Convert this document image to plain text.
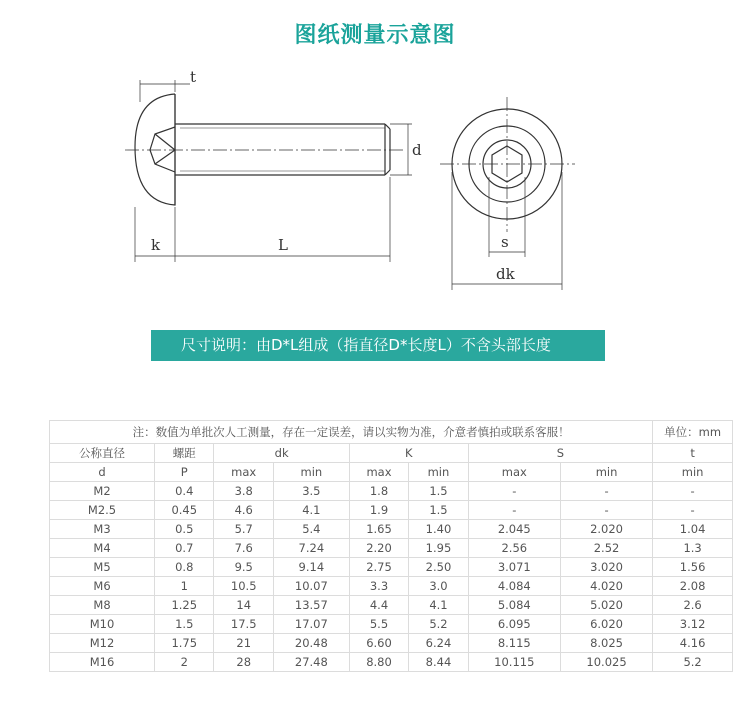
图纸测量示意图
t
d
k	L	s
dk
尺寸说明：由D*L组成（指直径D*长度L）不含头部长度
注：数值为单批次人工测量，存在一定误差，请以实物为准，介意者慎拍或联系客服！								单位：mm
公称直径	螺距	dk		K		S		t
d	P	max	min	max	min	max	min	min
M2	0.4	3.8	3.5	1.8	1.5	-	-	-
M2.5	0.45	4.6	4.1	1.9	1.5	-	-	-
M3	0.5	5.7	5.4	1.65	1.40	2.045	2.020	1.04
M4	0.7	7.6	7.24	2.20	1.95	2.56	2.52	1.3
M5	0.8	9.5	9.14	2.75	2.50	3.071	3.020	1.56
M6	1	10.5	10.07	3.3	3.0	4.084	4.020	2.08
M8	1.25	14	13.57	4.4	4.1	5.084	5.020	2.6
M10	1.5	17.5	17.07	5.5	5.2	6.095	6.020	3.12
M12	1.75	21	20.48	6.60	6.24	8.115	8.025	4.16
M16	2	28	27.48	8.80	8.44	10.115	10.025	5.2
